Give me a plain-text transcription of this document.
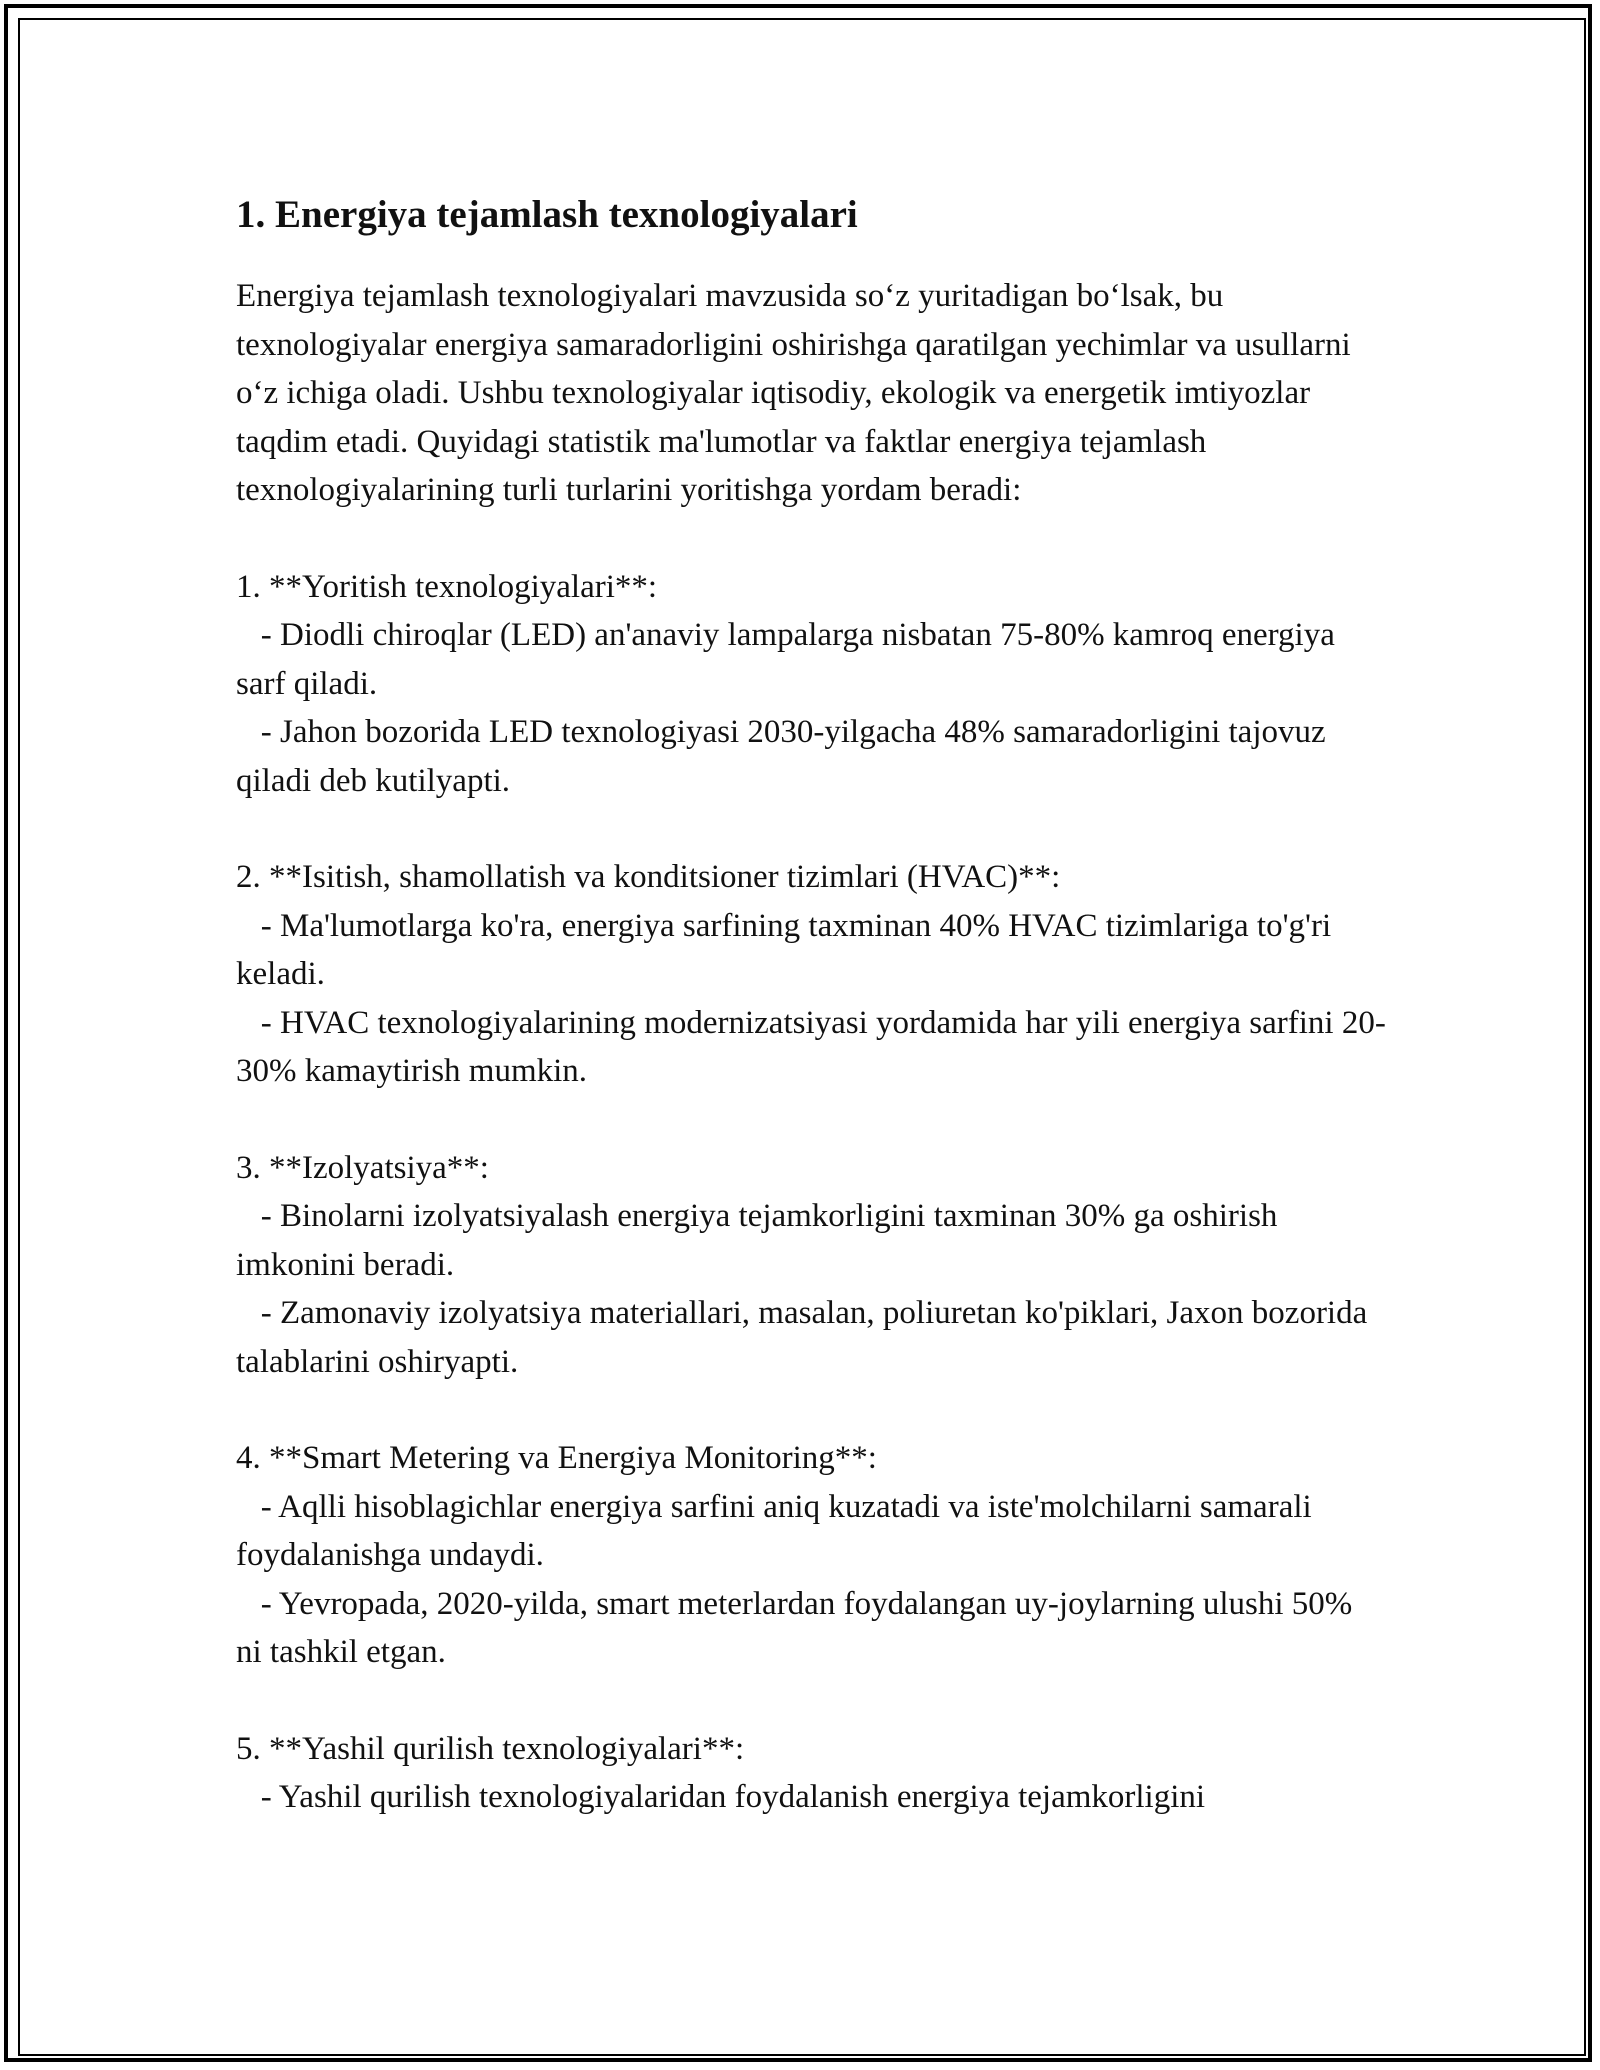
1. Energiya tejamlash texnologiyalari

Energiya tejamlash texnologiyalari mavzusida so‘z yuritadigan bo‘lsak, bu texnologiyalar energiya samaradorligini oshirishga qaratilgan yechimlar va usullarni o‘z ichiga oladi. Ushbu texnologiyalar iqtisodiy, ekologik va energetik imtiyozlar taqdim etadi. Quyidagi statistik ma'lumotlar va faktlar energiya tejamlash texnologiyalarining turli turlarini yoritishga yordam beradi:

1. **Yoritish texnologiyalari**:
- Diodli chiroqlar (LED) an'anaviy lampalarga nisbatan 75-80% kamroq energiya sarf qiladi.
- Jahon bozorida LED texnologiyasi 2030-yilgacha 48% samaradorligini tajovuz qiladi deb kutilyapti.

2. **Isitish, shamollatish va konditsioner tizimlari (HVAC)**:
- Ma'lumotlarga ko'ra, energiya sarfining taxminan 40% HVAC tizimlariga to'g'ri keladi.
- HVAC texnologiyalarining modernizatsiyasi yordamida har yili energiya sarfini 20-30% kamaytirish mumkin.

3. **Izolyatsiya**:
- Binolarni izolyatsiyalash energiya tejamkorligini taxminan 30% ga oshirish imkonini beradi.
- Zamonaviy izolyatsiya materiallari, masalan, poliuretan ko'piklari, Jaxon bozorida talablarini oshiryapti.

4. **Smart Metering va Energiya Monitoring**:
- Aqlli hisoblagichlar energiya sarfini aniq kuzatadi va iste'molchilarni samarali foydalanishga undaydi.
- Yevropada, 2020-yilda, smart meterlardan foydalangan uy-joylarning ulushi 50% ni tashkil etgan.

5. **Yashil qurilish texnologiyalari**:
- Yashil qurilish texnologiyalaridan foydalanish energiya tejamkorligini
